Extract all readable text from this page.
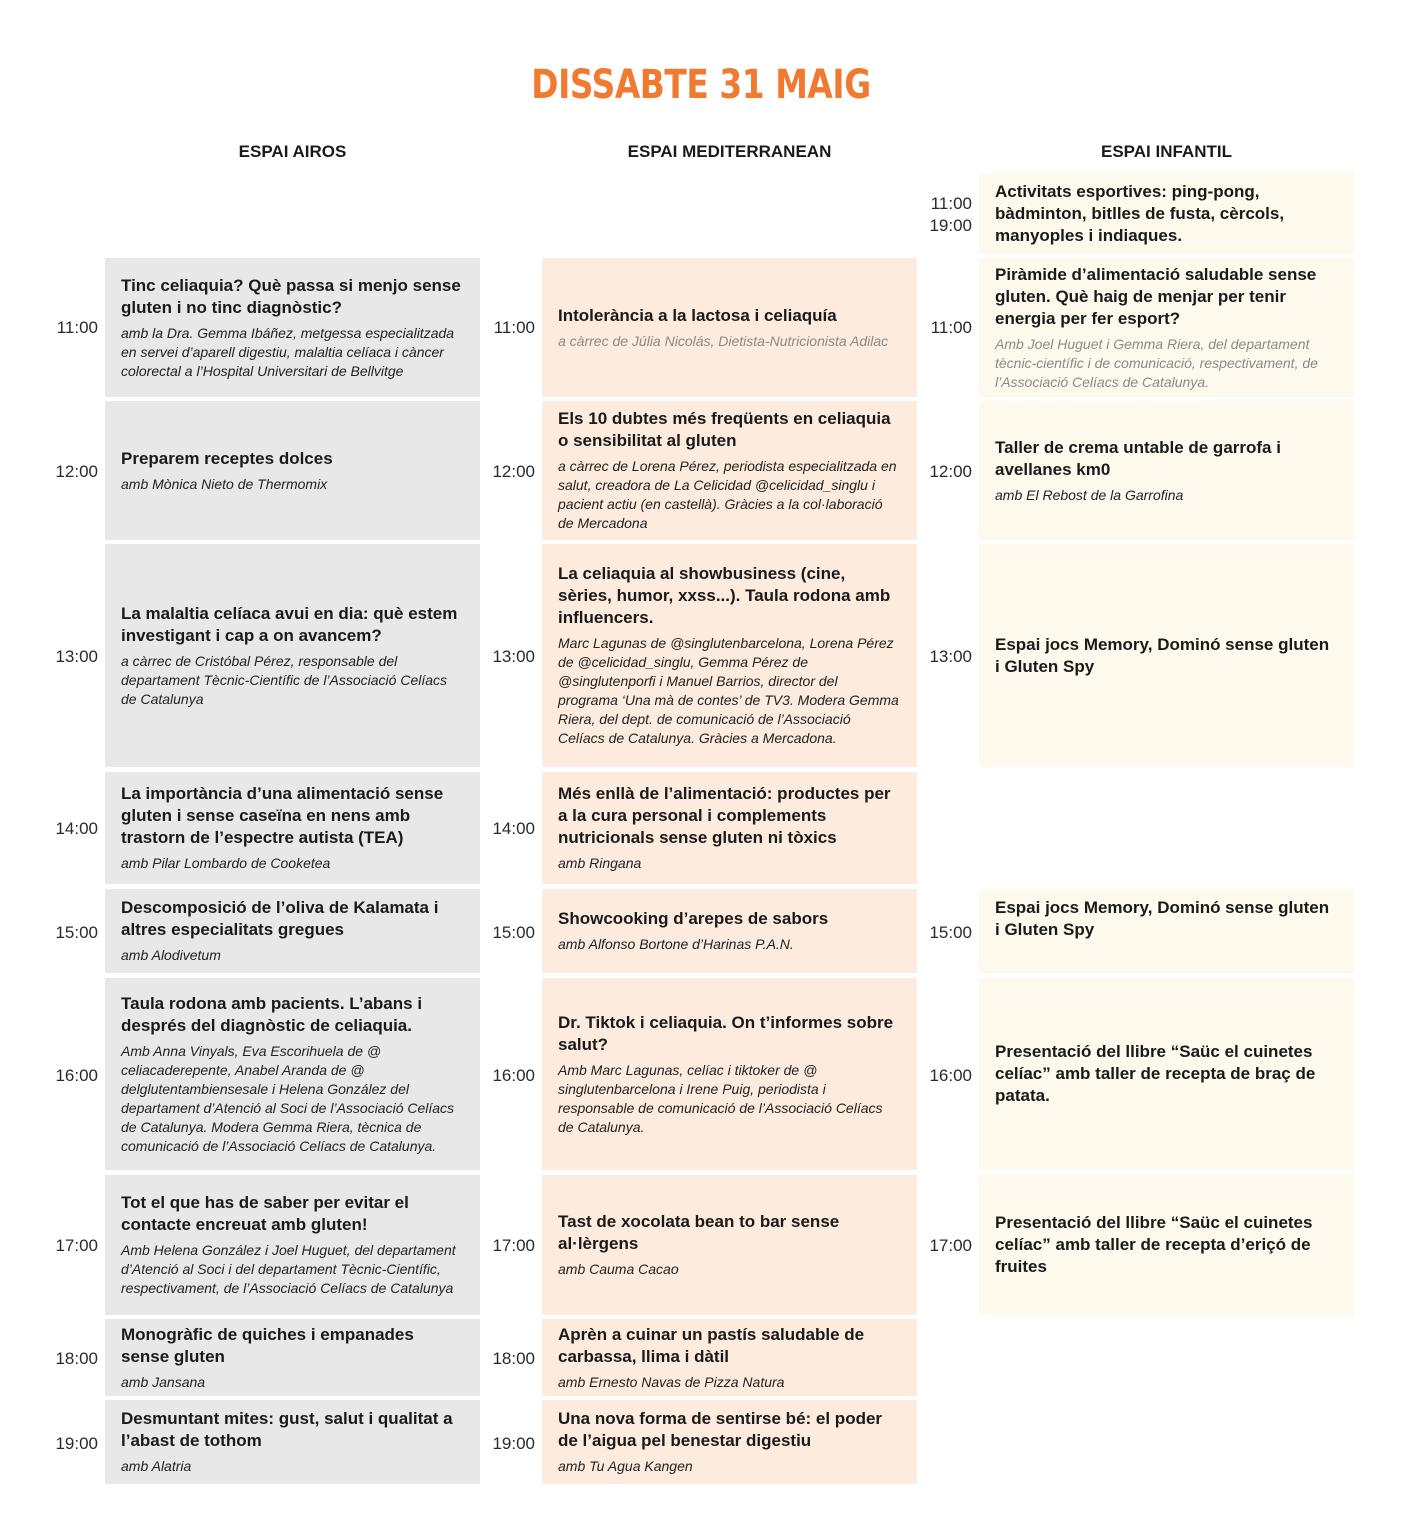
DISSABTE 31 MAIG
ESPAI AIROS	ESPAI MEDITERRANEAN	ESPAI INFANTIL
11:00
Tinc celiaquia? Què passa si menjo sense gluten i no tinc diagnòstic?
amb la Dra. Gemma Ibáñez, metgessa especialitzada en servei d’aparell digestiu, malaltia celíaca i càncer colorectal a l’Hospital Universitari de Bellvitge
12:00
Preparem receptes dolces
amb Mònica Nieto de Thermomix
13:00
La malaltia celíaca avui en dia: què estem investigant i cap a on avancem?
a càrrec de Cristóbal Pérez, responsable del departament Tècnic-Científic de l’Associació Celíacs de Catalunya
14:00
La importància d’una alimentació sense gluten i sense caseïna en nens amb trastorn de l’espectre autista (TEA)
amb Pilar Lombardo de Cooketea
15:00
Descomposició de l’oliva de Kalamata i altres especialitats gregues
amb Alodivetum
16:00
Taula rodona amb pacients. L’abans i després del diagnòstic de celiaquia.
Amb Anna Vinyals, Eva Escorihuela de @ celiacaderepente, Anabel Aranda de @ delglutentambiensesale i Helena González del departament d’Atenció al Soci de l’Associació Celíacs de Catalunya. Modera Gemma Riera, tècnica de comunicació de l’Associació Celíacs de Catalunya.
17:00
Tot el que has de saber per evitar el contacte encreuat amb gluten!
Amb Helena González i Joel Huguet, del departament d’Atenció al Soci i del departament Tècnic-Científic, respectivament, de l’Associació Celíacs de Catalunya
18:00
Monogràfic de quiches i empanades sense gluten
amb Jansana
19:00
Desmuntant mites: gust, salut i qualitat a l’abast de tothom
amb Alatria
11:00
Intolerància a la lactosa i celiaquía
a càrrec de Júlia Nicolás, Dietista-Nutricionista Adilac
12:00
Els 10 dubtes més freqüents en celiaquia o sensibilitat al gluten
a càrrec de Lorena Pérez, periodista especialitzada en salut, creadora de La Celicidad @celicidad_singlu i pacient actiu (en castellà). Gràcies a la col·laboració de Mercadona
13:00
La celiaquia al showbusiness (cine, sèries, humor, xxss...). Taula rodona amb influencers.
Marc Lagunas de @singlutenbarcelona, Lorena Pérez de @celicidad_singlu, Gemma Pérez de @singlutenporfi i Manuel Barrios, director del programa ‘Una mà de contes’ de TV3. Modera Gemma Riera, del dept. de comunicació de l’Associació Celíacs de Catalunya. Gràcies a Mercadona.
14:00
Més enllà de l’alimentació: productes per a la cura personal i complements nutricionals sense gluten ni tòxics
amb Ringana
15:00
Showcooking d’arepes de sabors
amb Alfonso Bortone d’Harinas P.A.N.
16:00
Dr. Tiktok i celiaquia. On t’informes sobre salut?
Amb Marc Lagunas, celíac i tiktoker de @ singlutenbarcelona i Irene Puig, periodista i responsable de comunicació de l’Associació Celíacs de Catalunya.
17:00
Tast de xocolata bean to bar sense al·lèrgens
amb Cauma Cacao
18:00
Aprèn a cuinar un pastís saludable de carbassa, llima i dàtil
amb Ernesto Navas de Pizza Natura
19:00
Una nova forma de sentirse bé: el poder de l’aigua pel benestar digestiu
amb Tu Agua Kangen
11:00
19:00
Activitats esportives: ping-pong, bàdminton, bitlles de fusta, cèrcols, manyoples i indiaques.
11:00
Piràmide d’alimentació saludable sense gluten. Què haig de menjar per tenir energia per fer esport?
Amb Joel Huguet i Gemma Riera, del departament tècnic-científic i de comunicació, respectivament, de l’Associació Celíacs de Catalunya.
12:00
Taller de crema untable de garrofa i avellanes km0
amb El Rebost de la Garrofina
13:00
Espai jocs Memory, Dominó sense gluten i Gluten Spy
15:00
Espai jocs Memory, Dominó sense gluten i Gluten Spy
16:00
Presentació del llibre “Saüc el cuinetes celíac” amb taller de recepta de braç de patata.
17:00
Presentació del llibre “Saüc el cuinetes celíac” amb taller de recepta d’eriçó de fruites
